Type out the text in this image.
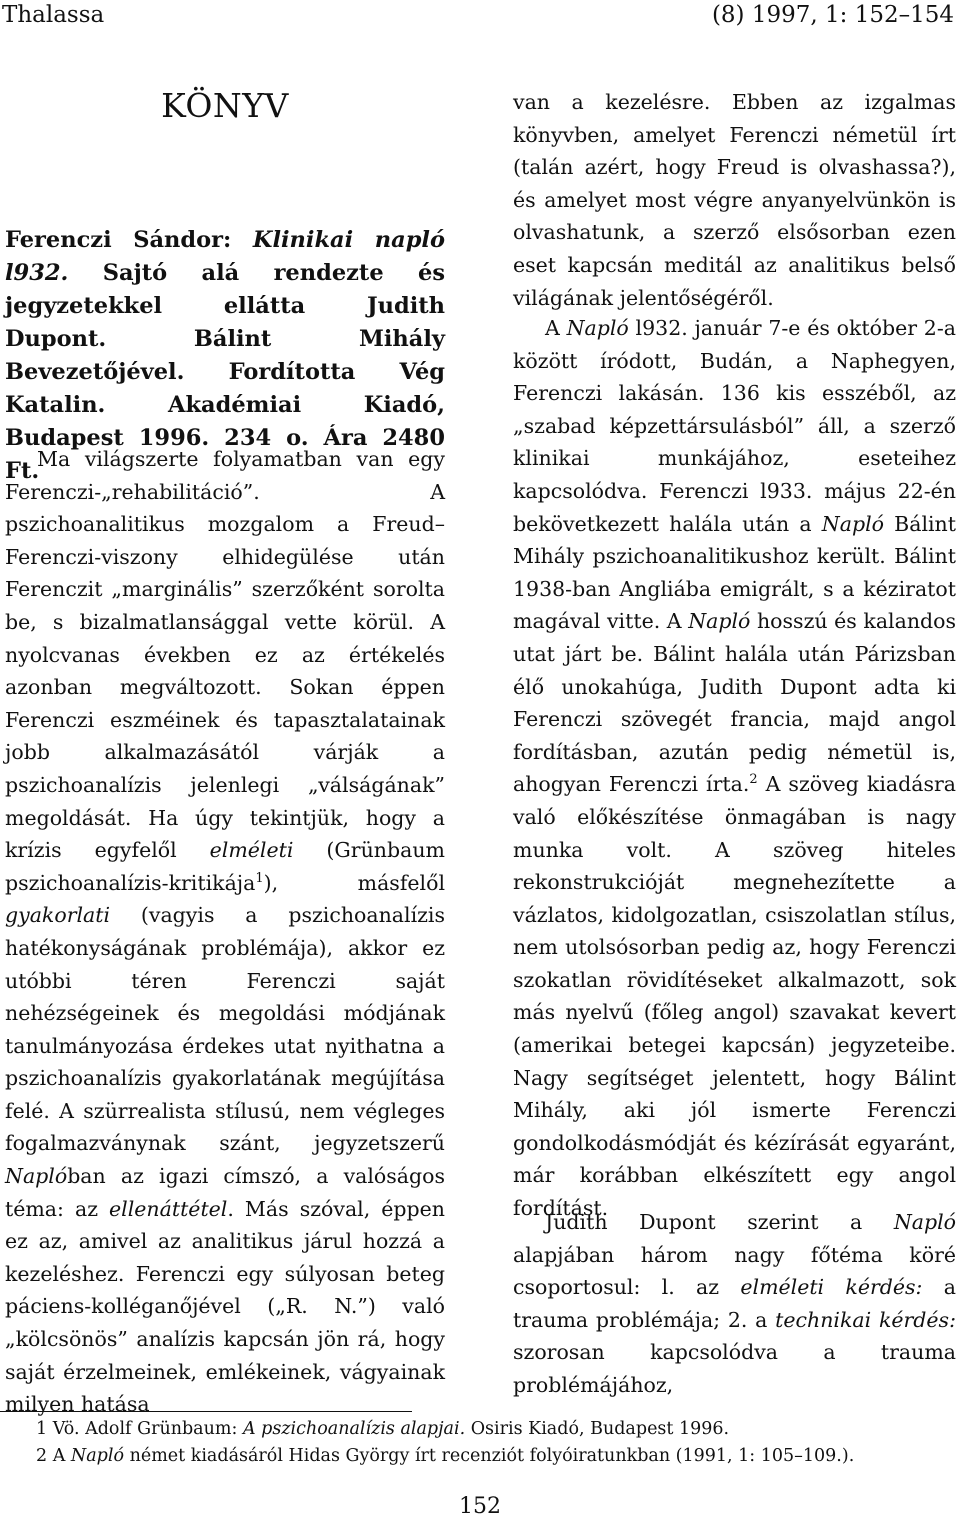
Thalassa	(8) 1997, 1: 152–154
KÖNYV
Ferenczi Sándor: Klinikai napló l932. Sajtó alá rendezte és jegyzetekkel ellátta Judith Dupont. Bálint Mihály Bevezetőjével. Fordította Vég Katalin. Akadémiai Kiadó, Budapest 1996. 234 o. Ára 2480 Ft.

Ma világszerte folyamatban van egy Ferenczi-„rehabilitáció”. A pszichoanalitikus mozgalom a Freud–Ferenczi-viszony elhidegülése után Ferenczit „marginális” szerzőként sorolta be, s bizalmatlansággal vette körül. A nyolcvanas években ez az értékelés azonban megváltozott. Sokan éppen Ferenczi eszméinek és tapasztalatainak jobb alkalmazásától várják a pszichoanalízis jelenlegi „válságának” megoldását. Ha úgy tekintjük, hogy a krízis egyfelől elméleti (Grünbaum pszichoanalízis-kritikája$^1$), másfelől gyakorlati (vagyis a pszichoanalízis hatékonyságának problémája), akkor ez utóbbi téren Ferenczi saját nehézségeinek és megoldási módjának tanulmányozása érdekes utat nyithatna a pszichoanalízis gyakorlatának megújítása felé. A szürrealista stílusú, nem végleges fogalmazványnak szánt, jegyzetszerű Naplóban az igazi címszó, a valóságos téma: az ellenáttétel. Más szóval, éppen ez az, amivel az analitikus járul hozzá a kezeléshez. Ferenczi egy súlyosan beteg páciens-kolléganőjével („R. N.”) való „kölcsönös” analízis kapcsán jön rá, hogy saját érzelmeinek, emlékeinek, vágyainak milyen hatása

van a kezelésre. Ebben az izgalmas könyvben, amelyet Ferenczi németül írt (talán azért, hogy Freud is olvashassa?), és amelyet most végre anyanyelvünkön is olvashatunk, a szerző elsősorban ezen eset kapcsán meditál az analitikus belső világának jelentőségéről.

A Napló l932. január 7-e és október 2-a között íródott, Budán, a Naphegyen, Ferenczi lakásán. 136 kis esszéből, az „szabad képzettársulásból” áll, a szerző klinikai munkájához, eseteihez kapcsolódva. Ferenczi l933. május 22-én bekövetkezett halála után a Napló Bálint Mihály pszichoanalitikushoz került. Bálint 1938-ban Angliába emigrált, s a kéziratot magával vitte. A Napló hosszú és kalandos utat járt be. Bálint halála után Párizsban élő unokahúga, Judith Dupont adta ki Ferenczi szövegét francia, majd angol fordításban, azután pedig németül is, ahogyan Ferenczi írta.$^2$ A szöveg kiadásra való előkészítése önmagában is nagy munka volt. A szöveg hiteles rekonstrukcióját megnehezítette a vázlatos, kidolgozatlan, csiszolatlan stílus, nem utolsósorban pedig az, hogy Ferenczi szokatlan rövidítéseket alkalmazott, sok más nyelvű (főleg angol) szavakat kevert (amerikai betegei kapcsán) jegyzeteibe. Nagy segítséget jelentett, hogy Bálint Mihály, aki jól ismerte Ferenczi gondolkodásmódját és kézírását egyaránt, már korábban elkészített egy angol fordítást.

Judith Dupont szerint a Napló alapjában három nagy főtéma köré csoportosul: l. az elméleti kérdés: a trauma problémája; 2. a technikai kérdés: szorosan kapcsolódva a trauma problémájához,

1 Vö. Adolf Grünbaum: A pszichoanalízis alapjai. Osiris Kiadó, Budapest 1996.
2 A Napló német kiadásáról Hidas György írt recenziót folyóiratunkban (1991, 1: 105–109.).
152
